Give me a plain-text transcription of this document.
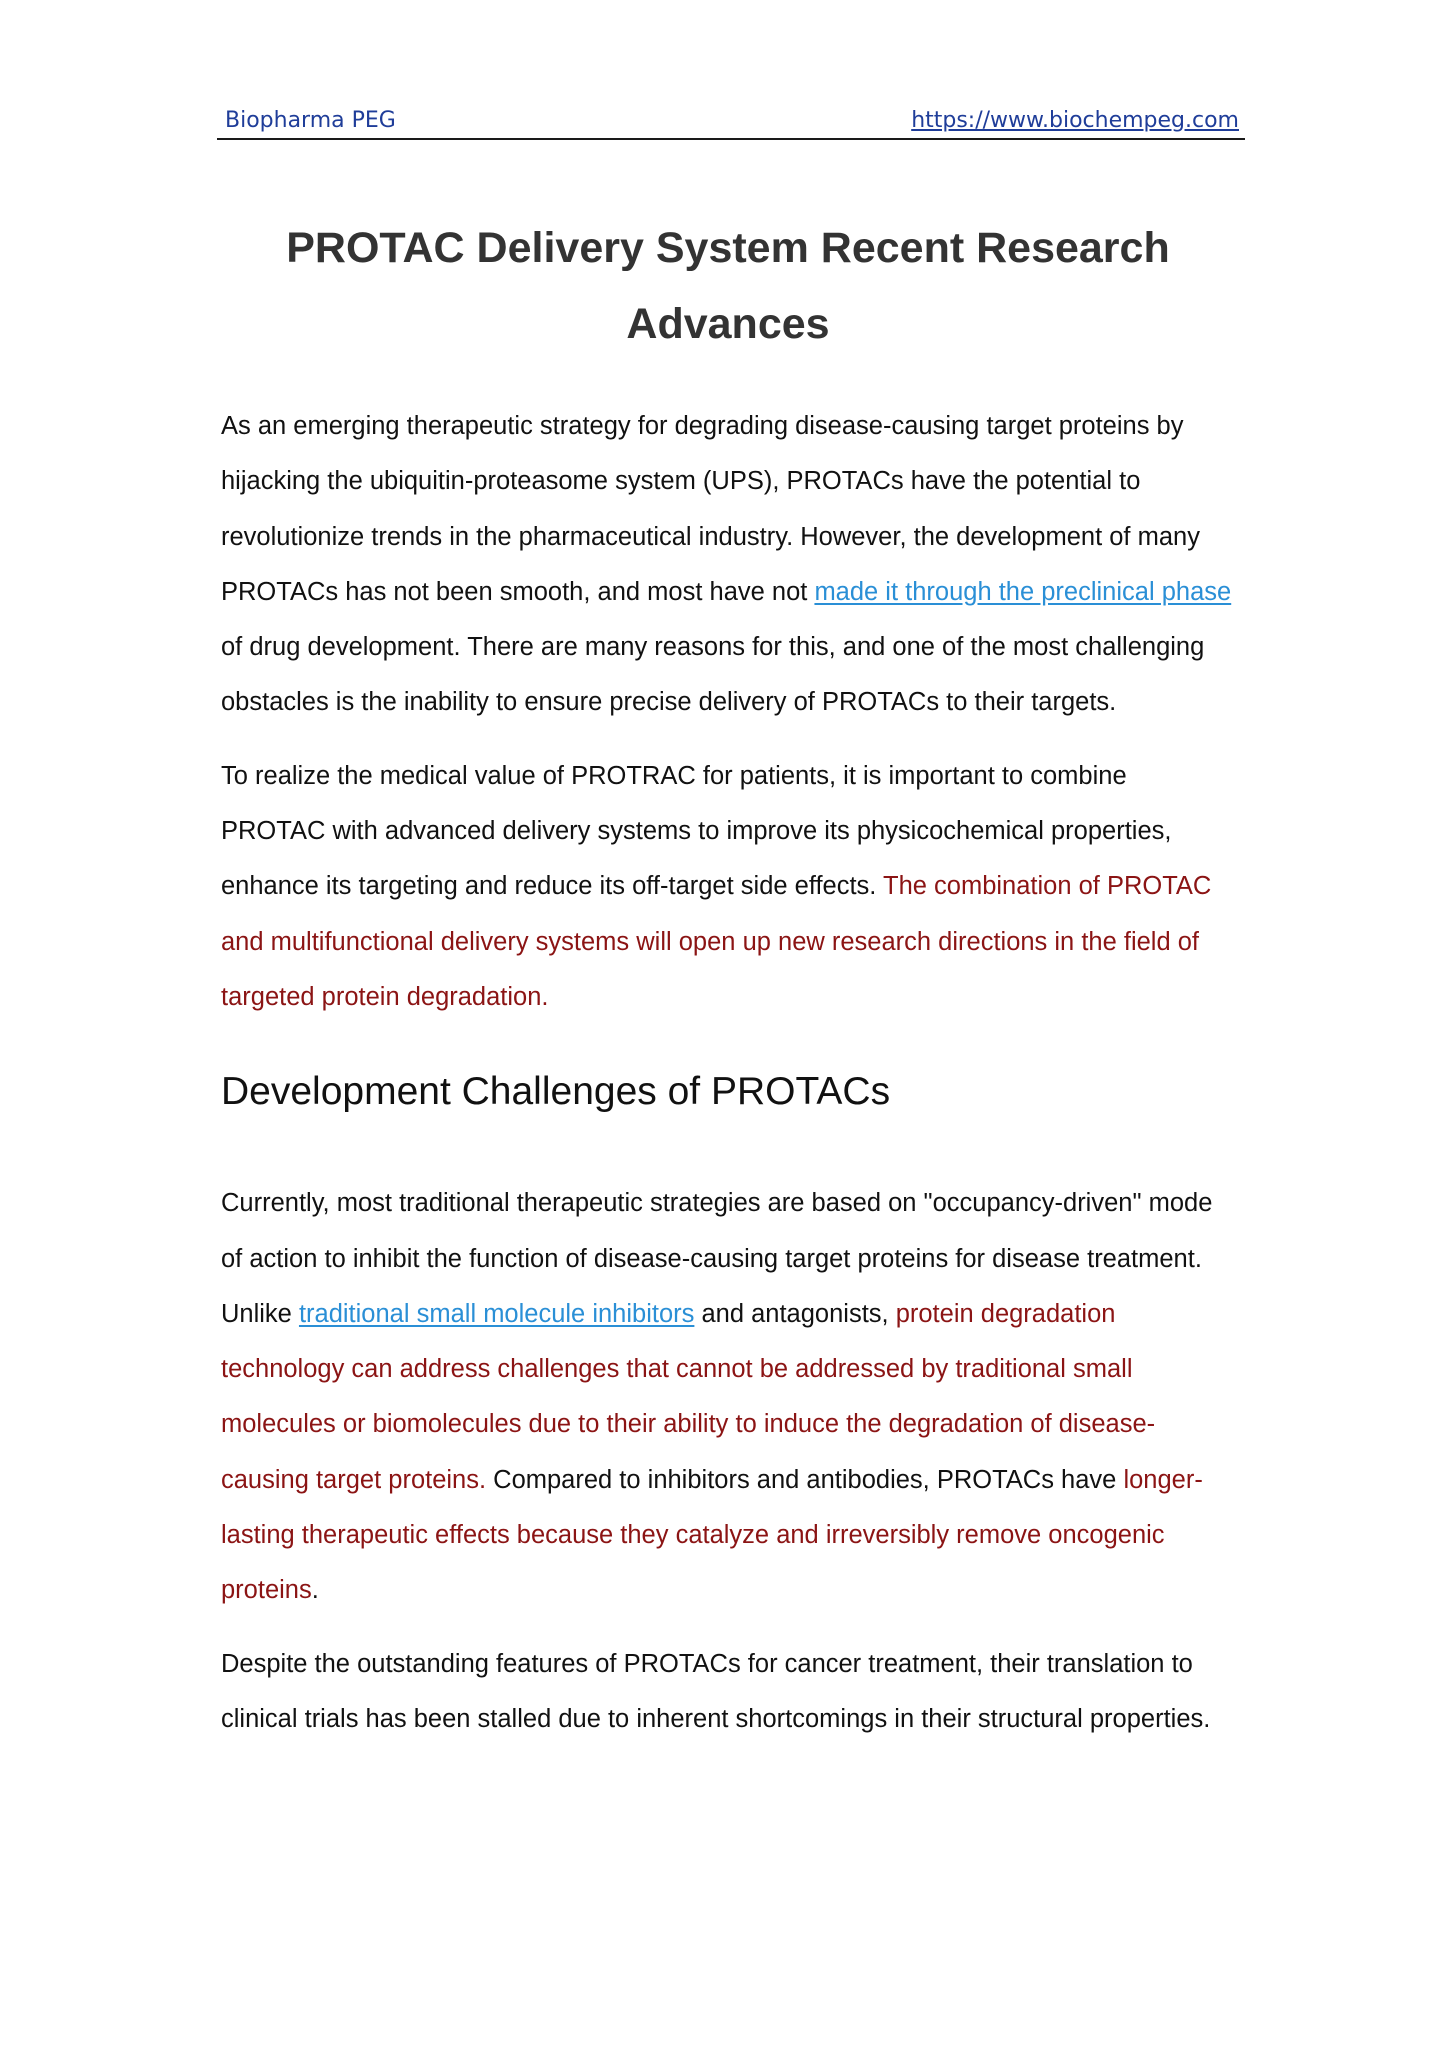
Biopharma PEG	https://www.biochempeg.com
PROTAC Delivery System Recent Research
Advances

As an emerging therapeutic strategy for degrading disease-causing target proteins by hijacking the ubiquitin-proteasome system (UPS), PROTACs have the potential to revolutionize trends in the pharmaceutical industry. However, the development of many PROTACs has not been smooth, and most have not made it through the preclinical phase of drug development. There are many reasons for this, and one of the most challenging obstacles is the inability to ensure precise delivery of PROTACs to their targets.

To realize the medical value of PROTRAC for patients, it is important to combine PROTAC with advanced delivery systems to improve its physicochemical properties, enhance its targeting and reduce its off-target side effects. The combination of PROTAC and multifunctional delivery systems will open up new research directions in the field of targeted protein degradation.

Development Challenges of PROTACs

Currently, most traditional therapeutic strategies are based on "occupancy-driven" mode of action to inhibit the function of disease-causing target proteins for disease treatment. Unlike traditional small molecule inhibitors and antagonists, protein degradation technology can address challenges that cannot be addressed by traditional small molecules or biomolecules due to their ability to induce the degradation of disease-causing target proteins. Compared to inhibitors and antibodies, PROTACs have longer-lasting therapeutic effects because they catalyze and irreversibly remove oncogenic proteins.

Despite the outstanding features of PROTACs for cancer treatment, their translation to clinical trials has been stalled due to inherent shortcomings in their structural properties.
